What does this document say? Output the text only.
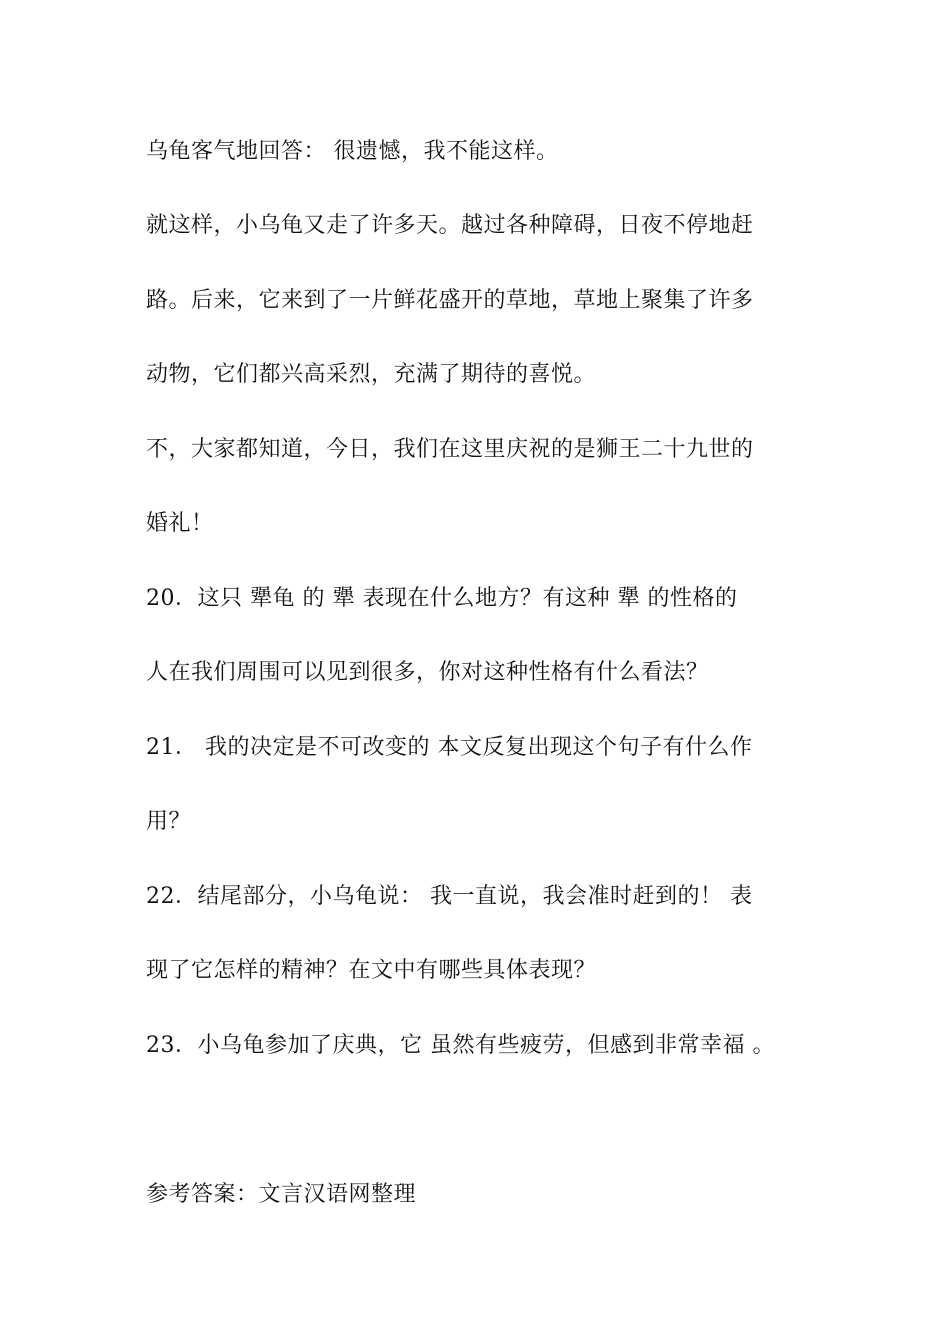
乌龟客气地回答： 很遗憾，我不能这样。
就这样，小乌龟又走了许多天。越过各种障碍，日夜不停地赶
路。后来，它来到了一片鲜花盛开的草地，草地上聚集了许多
动物，它们都兴高采烈，充满了期待的喜悦。
不，大家都知道，今日，我们在这里庆祝的是狮王二十九世的
婚礼！
20．这只 犟龟 的 犟 表现在什么地方？有这种 犟 的性格的
人在我们周围可以见到很多，你对这种性格有什么看法？
21． 我的决定是不可改变的 本文反复出现这个句子有什么作
用？
22．结尾部分，小乌龟说： 我一直说，我会准时赶到的！ 表
现了它怎样的精神？在文中有哪些具体表现？
23．小乌龟参加了庆典，它 虽然有些疲劳，但感到非常幸福 。
参考答案：文言汉语网整理
